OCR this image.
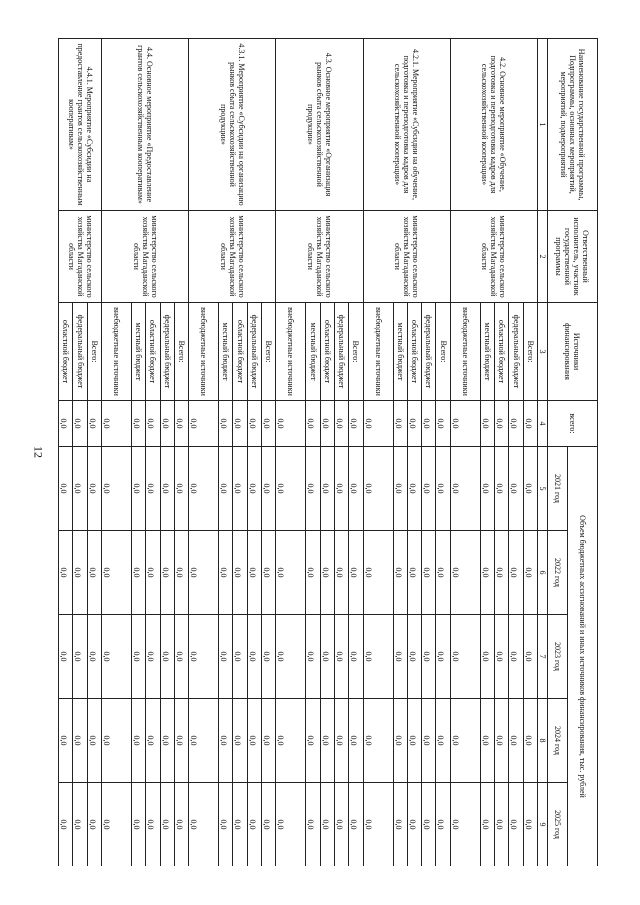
12
Наименование государственной программы, Подпрограммы, основных мероприятий, мероприятий, подмероприятий	Ответственный исполнитель, участник государственной программы	Источники финансирования	всего:	Объем бюджетных ассигнований и иных источников финансирования, тыс. рублей				
				2021 год	2022 год	2023 год	2024 год	2025 год
1	2	3	4	5	6	7	8	9
4.2. Основное мероприятие «Обучение, подготовка и переподготовка кадров для сельскохозяйственной кооперации»	министерство сельского хозяйства Магаданской области	Всего:	0,0	0,0	0,0	0,0	0,0	0,0
		федеральный бюджет	0,0	0,0	0,0	0,0	0,0	0,0
		областной бюджет	0,0	0,0	0,0	0,0	0,0	0,0
		местный бюджет	0,0	0,0	0,0	0,0	0,0	0,0
		внебюджетные источники	0,0	0,0	0,0	0,0	0,0	0,0
4.2.1. Мероприятие «Субсидии на обучение, подготовка и переподготовка кадров для сельскохозяйственной кооперации»	министерство сельского хозяйства Магаданской области	Всего:	0,0	0,0	0,0	0,0	0,0	0,0
		федеральный бюджет	0,0	0,0	0,0	0,0	0,0	0,0
		областной бюджет	0,0	0,0	0,0	0,0	0,0	0,0
		местный бюджет	0,0	0,0	0,0	0,0	0,0	0,0
		внебюджетные источники	0,0	0,0	0,0	0,0	0,0	0,0
4.3. Основное мероприятие «Организация рынков сбыта сельскохозяйственной продукции»	министерство сельского хозяйства Магаданской области	Всего:	0,0	0,0	0,0	0,0	0,0	0,0
		федеральный бюджет	0,0	0,0	0,0	0,0	0,0	0,0
		областной бюджет	0,0	0,0	0,0	0,0	0,0	0,0
		местный бюджет	0,0	0,0	0,0	0,0	0,0	0,0
		внебюджетные источники	0,0	0,0	0,0	0,0	0,0	0,0
4.3.1. Мероприятие «Субсидии на организацию рынков сбыта сельскохозяйственной продукции»	министерство сельского хозяйства Магаданской области	Всего:	0,0	0,0	0,0	0,0	0,0	0,0
		федеральный бюджет	0,0	0,0	0,0	0,0	0,0	0,0
		областной бюджет	0,0	0,0	0,0	0,0	0,0	0,0
		местный бюджет	0,0	0,0	0,0	0,0	0,0	0,0
		внебюджетные источники	0,0	0,0	0,0	0,0	0,0	0,0
4.4. Основное мероприятие «Предоставление грантов сельскохозяйственным кооперативам»	министерство сельского хозяйства Магаданской области	Всего:	0,0	0,0	0,0	0,0	0,0	0,0
		федеральный бюджет	0,0	0,0	0,0	0,0	0,0	0,0
		областной бюджет	0,0	0,0	0,0	0,0	0,0	0,0
		местный бюджет	0,0	0,0	0,0	0,0	0,0	0,0
		внебюджетные источники	0,0	0,0	0,0	0,0	0,0	0,0
4.4.1. Мероприятие «Субсидии на предоставление грантов сельскохозяйственным кооперативам»	министерство сельского хозяйства Магаданской области	Всего:	0,0	0,0	0,0	0,0	0,0	0,0
		федеральный бюджет	0,0	0,0	0,0	0,0	0,0	0,0
		областной бюджет	0,0	0,0	0,0	0,0	0,0	0,0
